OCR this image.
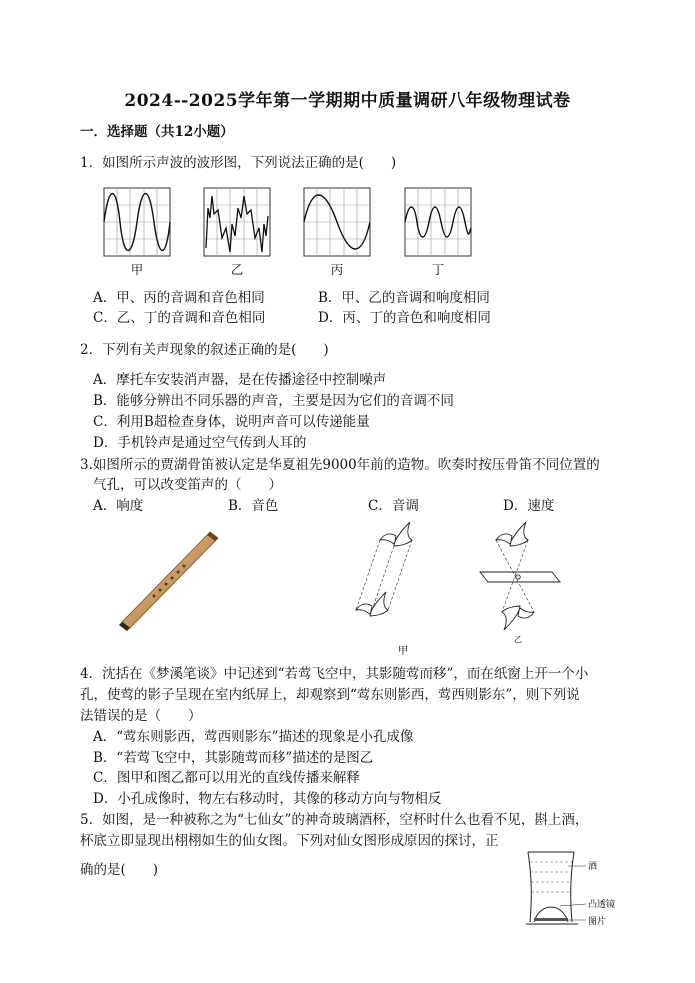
2024--2025学年第一学期期中质量调研八年级物理试卷
一．选择题（共12小题）
1．如图所示声波的波形图，下列说法正确的是(　　)
甲	乙	丙	丁
A．甲、丙的音调和音色相同	B．甲、乙的音调和响度相同
C．乙、丁的音调和音色相同	D．丙、丁的音色和响度相同
2．下列有关声现象的叙述正确的是(　　)
A．摩托车安装消声器，是在传播途径中控制噪声
B．能够分辨出不同乐器的声音，主要是因为它们的音调不同
C．利用B超检查身体，说明声音可以传递能量
D．手机铃声是通过空气传到人耳的
3.如图所示的贾湖骨笛被认定是华夏祖先9000年前的造物。吹奏时按压骨笛不同位置的
气孔，可以改变笛声的（　　）
A．响度	B．音色	C．音调	D．速度
甲
乙
4．沈括在《梦溪笔谈》中记述到“若莺飞空中，其影随莺而移”，而在纸窗上开一个小
孔，使莺的影子呈现在室内纸屏上，却观察到“莺东则影西，莺西则影东”，则下列说
法错误的是（　　）
A．“莺东则影西，莺西则影东”描述的现象是小孔成像
B．“若莺飞空中，其影随莺而移”描述的是图乙
C．图甲和图乙都可以用光的直线传播来解释
D．小孔成像时，物左右移动时，其像的移动方向与物相反
5．如图，是一种被称之为“七仙女”的神奇玻璃酒杯，空杯时什么也看不见，斟上酒，
杯底立即显现出栩栩如生的仙女图。下列对仙女图形成原因的探讨，正
确的是(　　)	酒
凸透镜
图片
